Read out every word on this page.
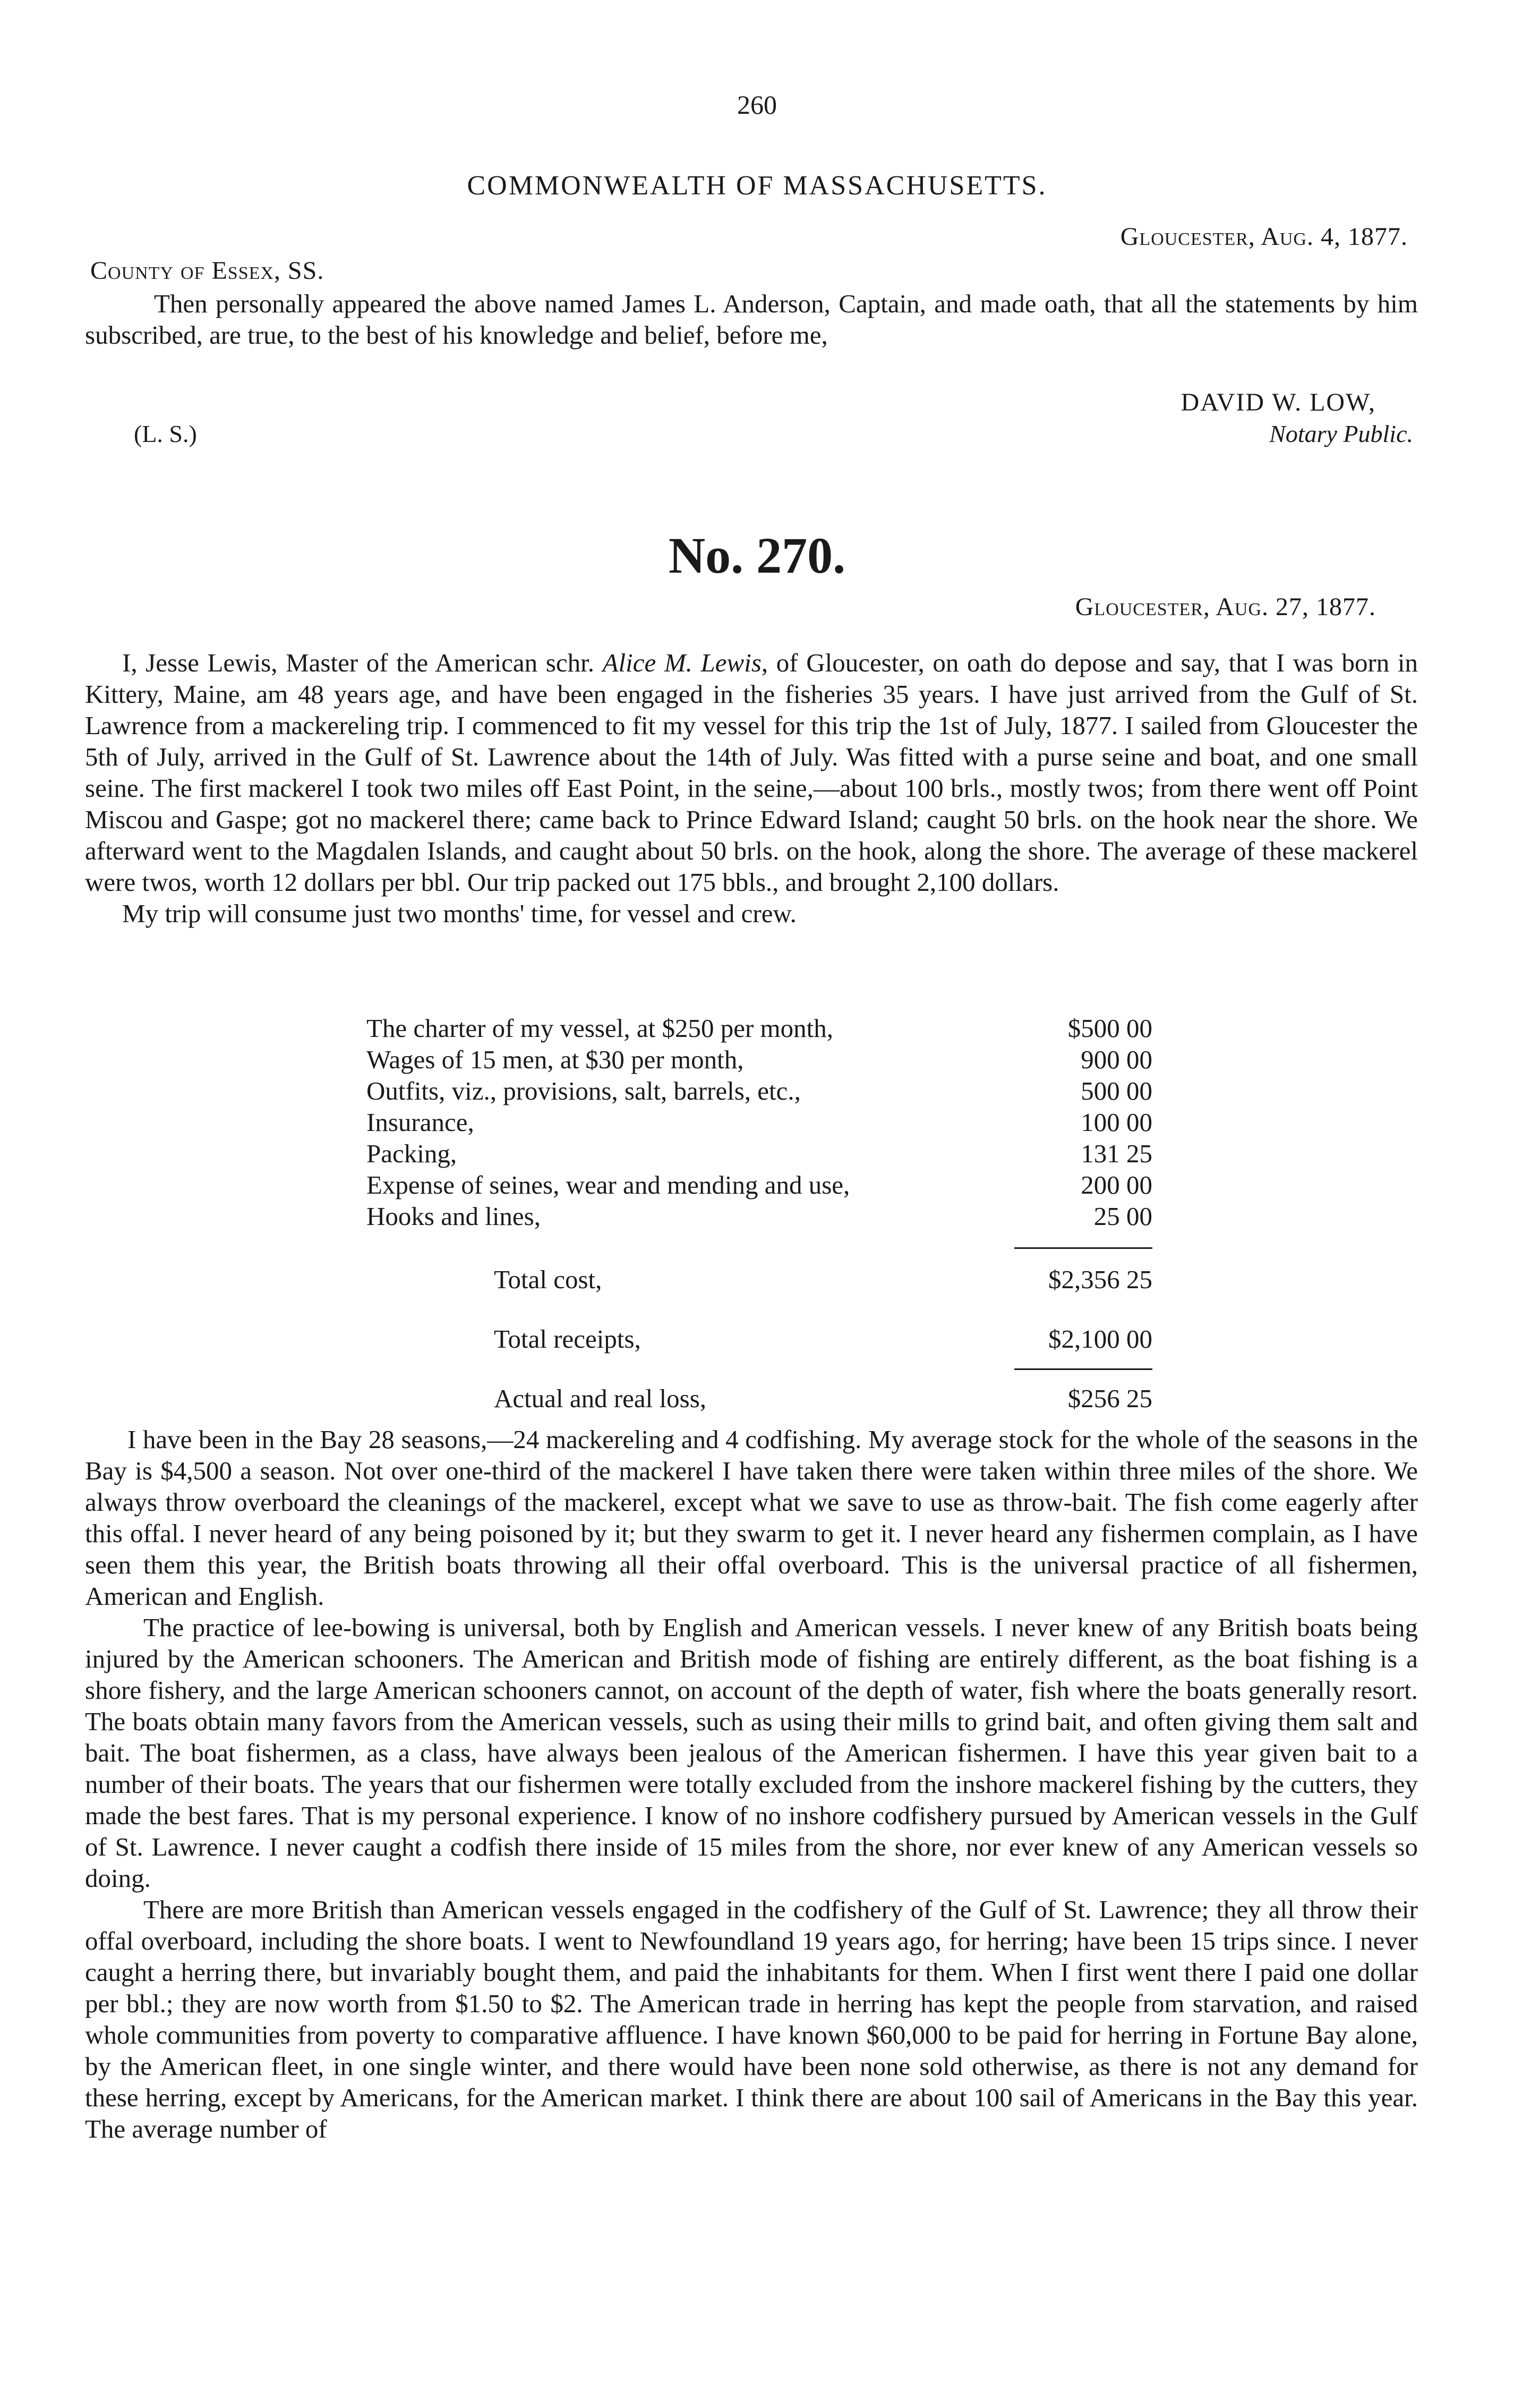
260
COMMONWEALTH OF MASSACHUSETTS.
Gloucester, Aug. 4, 1877.
County of Essex, SS.

Then personally appeared the above named James L. Anderson, Captain, and made oath, that all the statements by him subscribed, are true, to the best of his knowledge and belief, before me,

DAVID W. LOW,
Notary Public.
(L. S.)
No. 270.
Gloucester, Aug. 27, 1877.

I, Jesse Lewis, Master of the American schr. Alice M. Lewis, of Gloucester, on oath do depose and say, that I was born in Kittery, Maine, am 48 years age, and have been engaged in the fisheries 35 years. I have just arrived from the Gulf of St. Lawrence from a mackereling trip. I commenced to fit my vessel for this trip the 1st of July, 1877. I sailed from Gloucester the 5th of July, arrived in the Gulf of St. Lawrence about the 14th of July. Was fitted with a purse seine and boat, and one small seine. The first mackerel I took two miles off East Point, in the seine,—about 100 brls., mostly twos; from there went off Point Miscou and Gaspe; got no mackerel there; came back to Prince Edward Island; caught 50 brls. on the hook near the shore. We afterward went to the Magdalen Islands, and caught about 50 brls. on the hook, along the shore. The average of these mackerel were twos, worth 12 dollars per bbl. Our trip packed out 175 bbls., and brought 2,100 dollars.

My trip will consume just two months' time, for vessel and crew.

The charter of my vessel, at $250 per month,	$500 00
Wages of 15 men, at $30 per month,	900 00
Outfits, viz., provisions, salt, barrels, etc.,	500 00
Insurance,	100 00
Packing,	131 25
Expense of seines, wear and mending and use,	200 00
Hooks and lines,	25 00
Total cost,	$2,356 25
Total receipts,	$2,100 00
Actual and real loss,	$256 25

I have been in the Bay 28 seasons,—24 mackereling and 4 codfishing. My average stock for the whole of the seasons in the Bay is $4,500 a season. Not over one-third of the mackerel I have taken there were taken within three miles of the shore. We always throw overboard the cleanings of the mackerel, except what we save to use as throw-bait. The fish come eagerly after this offal. I never heard of any being poisoned by it; but they swarm to get it. I never heard any fishermen complain, as I have seen them this year, the British boats throwing all their offal overboard. This is the universal practice of all fishermen, American and English.

The practice of lee-bowing is universal, both by English and American vessels. I never knew of any British boats being injured by the American schooners. The American and British mode of fishing are entirely different, as the boat fishing is a shore fishery, and the large American schooners cannot, on account of the depth of water, fish where the boats generally resort. The boats obtain many favors from the American vessels, such as using their mills to grind bait, and often giving them salt and bait. The boat fishermen, as a class, have always been jealous of the American fishermen. I have this year given bait to a number of their boats. The years that our fishermen were totally excluded from the inshore mackerel fishing by the cutters, they made the best fares. That is my personal experience. I know of no inshore codfishery pursued by American vessels in the Gulf of St. Lawrence. I never caught a codfish there inside of 15 miles from the shore, nor ever knew of any American vessels so doing.

There are more British than American vessels engaged in the codfishery of the Gulf of St. Lawrence; they all throw their offal overboard, including the shore boats. I went to Newfoundland 19 years ago, for herring; have been 15 trips since. I never caught a herring there, but invariably bought them, and paid the inhabitants for them. When I first went there I paid one dollar per bbl.; they are now worth from $1.50 to $2. The American trade in herring has kept the people from starvation, and raised whole communities from poverty to comparative affluence. I have known $60,000 to be paid for herring in Fortune Bay alone, by the American fleet, in one single winter, and there would have been none sold otherwise, as there is not any demand for these herring, except by Americans, for the American market. I think there are about 100 sail of Americans in the Bay this year. The average number of
